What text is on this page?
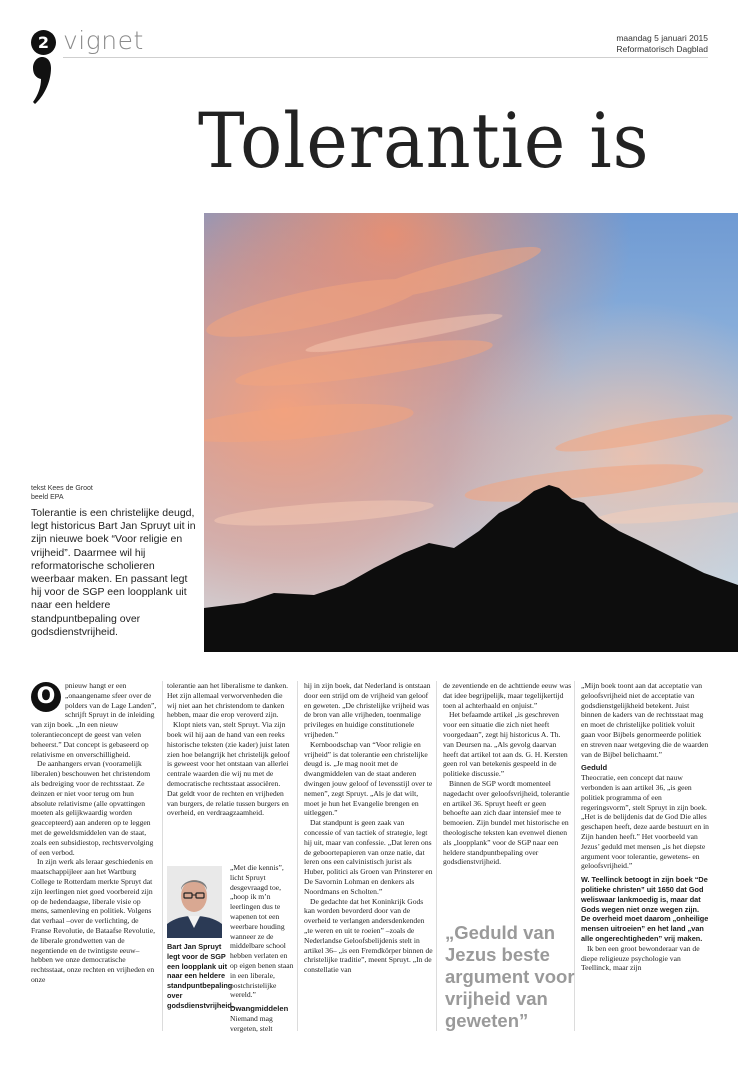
2 vignet	maandag 5 januari 2015
Reformatorisch Dagblad
Tolerantie is
tekst Kees de Groot
beeld EPA

Tolerantie is een christelijke deugd, legt historicus Bart Jan Spruyt uit in zijn nieuwe boek “Voor religie en vrijheid”. Daarmee wil hij reformatorische scholieren weerbaar maken. En passant legt hij voor de SGP een loopplank uit naar een heldere standpuntbepaling over godsdienstvrijheid.

O	pnieuw hangt er een „onaangename sfeer over de polders van de Lage Landen”, schrijft Spruyt in de inleiding van zijn boek. „In een nieuw tolerantieconcept de geest van velen beheerst.” Dat concept is gebaseerd op relativisme en onverschilligheid.

De aanhangers ervan (vooramelijk liberalen) beschouwen het christendom als bedreiging voor de rechtsstaat. Ze deinzen er niet voor terug om hun absolute relativisme (alle opvattingen moeten als gelijkwaardig worden geaccepteerd) aan anderen op te leggen met de geweldsmiddelen van de staat, zoals een subsidiestop, rechtsvervolging of een verbod.

In zijn werk als leraar geschiedenis en maatschappijleer aan het Wartburg College te Rotterdam merkte Spruyt dat zijn leerlingen niet goed voorbereid zijn op de hedendaagse, liberale visie op mens, samenleving en politiek. Volgens dat verhaal –over de verlichting, de Franse Revolutie, de Bataafse Revolutie, de liberale grondwetten van de negentiende en de twintigste eeuw– hebben we onze democratische rechtsstaat, onze rechten en vrijheden en onze

tolerantie aan het liberalisme te danken. Het zijn allemaal verworvenheden die wij niet aan het christendom te danken hebben, maar die erop veroverd zijn.

Klopt niets van, stelt Spruyt. Via zijn boek wil hij aan de hand van een reeks historische teksten (zie kader) juist laten zien hoe belangrijk het christelijk geloof is geweest voor het ontstaan van allerlei centrale waarden die wij nu met de democratische rechtsstaat associëren. Dat geldt voor de rechten en vrijheden van burgers, de relatie tussen burgers en overheid, en verdraagzaamheid.

„Met die kennis”, licht Spruyt desgevraagd toe, „hoop ik m’n leerlingen dus te wapenen tot een weerbare houding wanneer ze de middelbare school hebben verlaten en op eigen benen staan in een liberale, postchristelijke wereld.”

Dwangmiddelen

Niemand mag vergeten, stelt

Bart Jan Spruyt legt voor de SGP een loopplank uit naar een heldere standpuntbepaling over godsdienstvrijheid.

hij in zijn boek, dat Nederland is ontstaan door een strijd om de vrijheid van geloof en geweten. „De christelijke vrijheid was de bron van alle vrijheden, toenmalige privileges en huidige constitutionele vrijheden.”

Kernboodschap van “Voor religie en vrijheid” is dat tolerantie een christelijke deugd is. „Je mag nooit met de dwangmiddelen van de staat anderen dwingen jouw geloof of levensstijl over te nemen”, zegt Spruyt. „Als je dat wilt, moet je hun het Evangelie brengen en uitleggen.”

Dat standpunt is geen zaak van concessie of van tactiek of strategie, legt hij uit, maar van confessie. „Dat leren ons de geboortepapieren van onze natie, dat leren ons een calvinistisch jurist als Huber, politici als Groen van Prinsterer en De Savornin Lohman en denkers als Noordmans en Scholten.”

De gedachte dat het Koninkrijk Gods kan worden bevorderd door van de overheid te verlangen andersdenkenden „te weren en uit te roeien” –zoals de Nederlandse Geloofsbelijdenis stelt in artikel 36– „is een Fremdkörper binnen de christelijke traditie”, meent Spruyt. „In de constellatie van

de zeventiende en de achttiende eeuw was dat idee begrijpelijk, maar tegelijkertijd toen al achterhaald en onjuist.”

Het befaamde artikel „is geschreven voor een situatie die zich niet heeft voorgedaan”, zegt hij historicus A. Th. van Deursen na. „Als gevolg daarvan heeft dat artikel tot aan ds. G. H. Kersten geen rol van betekenis gespeeld in de politieke discussie.”

Binnen de SGP wordt momenteel nagedacht over geloofsvrijheid, tolerantie en artikel 36. Spruyt heeft er geen behoefte aan zich daar intensief mee te bemoeien. Zijn bundel met historische en theologische teksten kan evenwel dienen als „loopplank” voor de SGP naar een heldere standpuntbepaling over godsdienstvrijheid.

„Geduld van Jezus beste argument voor vrijheid van geweten”

„Mijn boek toont aan dat acceptatie van geloofsvrijheid niet de acceptatie van godsdienstgelijkheid betekent. Juist binnen de kaders van de rechtsstaat mag en moet de christelijke politiek voluit gaan voor Bijbels genormeerde politiek en streven naar wetgeving die de waarden van de Bijbel belichaamt.”

Geduld

Theocratie, een concept dat nauw verbonden is aan artikel 36, „is geen politiek programma of een regeringsvorm”, stelt Spruyt in zijn boek. „Het is de belijdenis dat de God Die alles geschapen heeft, deze aarde bestuurt en in Zijn handen heeft.” Het voorbeeld van Jezus’ geduld met mensen „is het diepste argument voor tolerantie, gewetens- en geloofsvrijheid.”

W. Teellinck betoogt in zijn boek “De politieke christen” uit 1650 dat God weliswaar lankmoedig is, maar dat Gods wegen niet onze wegen zijn. De overheid moet daarom „onheilige mensen uitroeien” en het land „van alle ongerechtigheden” vrij maken.

Ik ben een groot bewonderaar van de diepe religieuze psychologie van Teellinck, maar zijn
